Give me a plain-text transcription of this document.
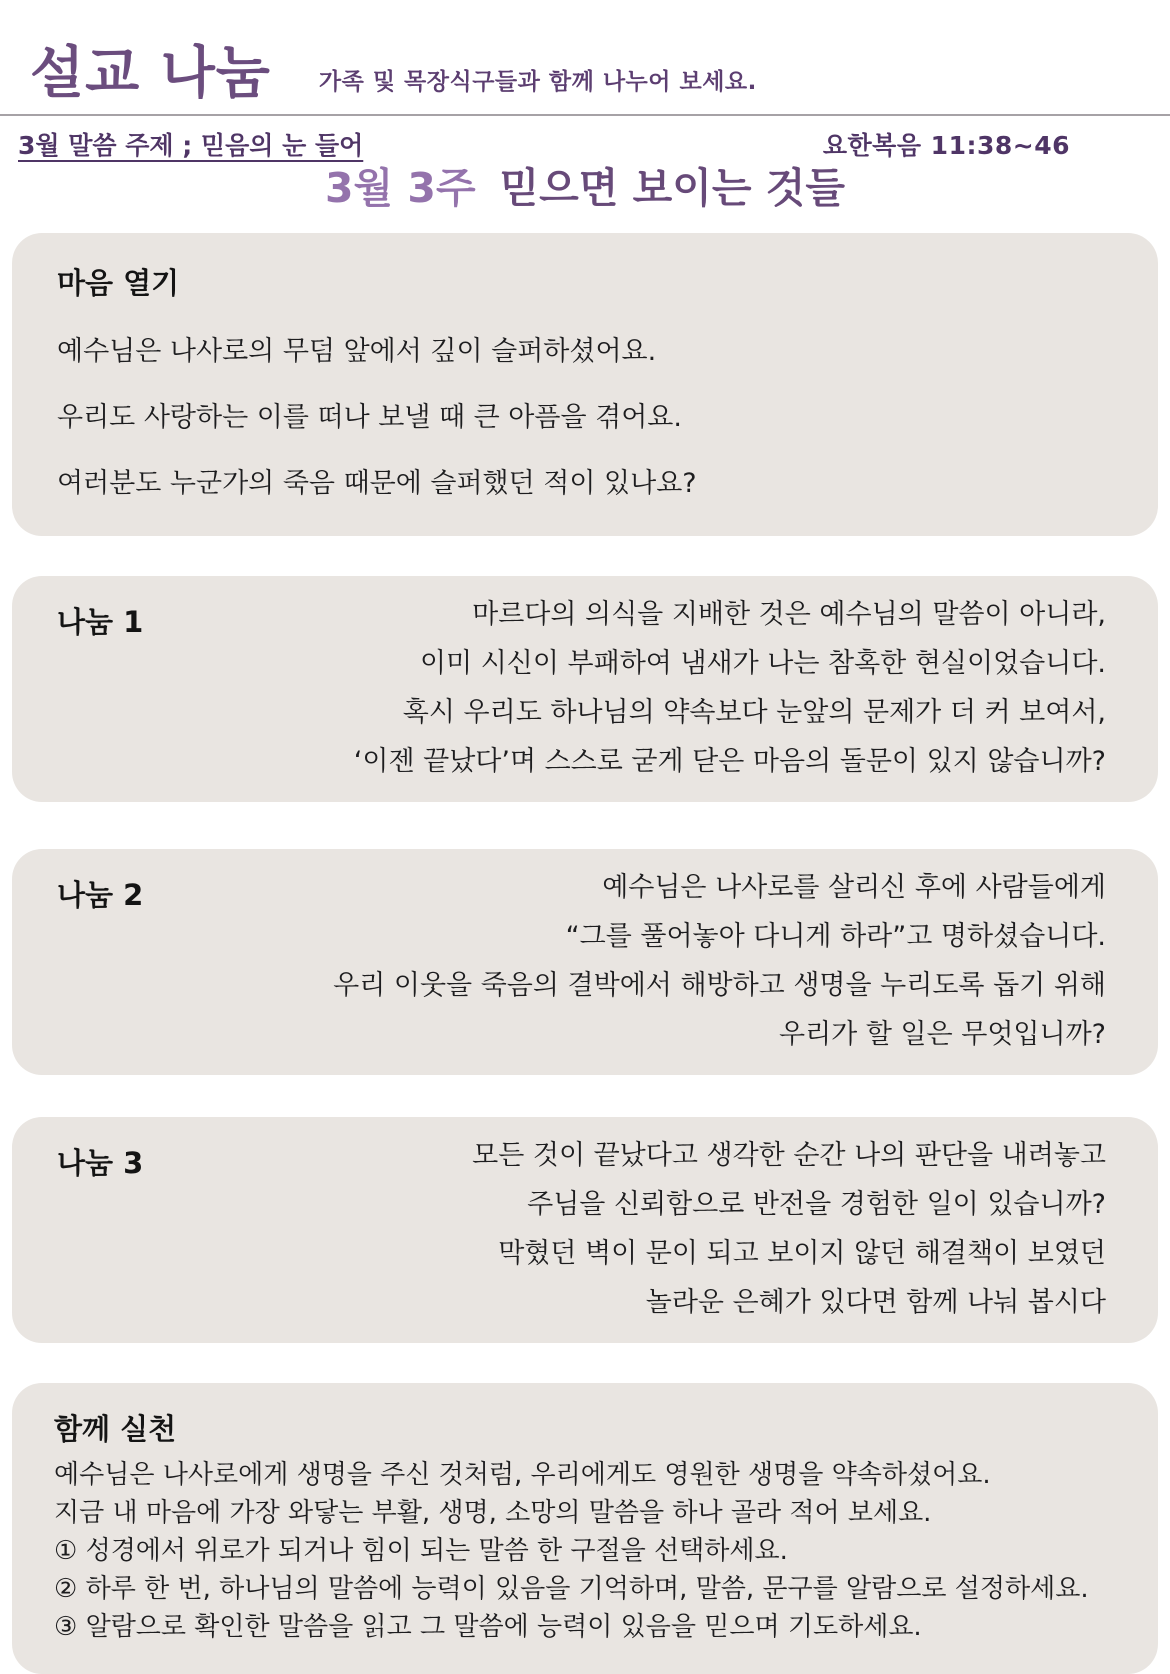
설교 나눔 가족 및 목장식구들과 함께 나누어 보세요.
3월 말씀 주제 ; 믿음의 눈 들어	요한복음 11:38~46
3월 3주 믿으면 보이는 것들
마음 열기
예수님은 나사로의 무덤 앞에서 깊이 슬퍼하셨어요.
우리도 사랑하는 이를 떠나 보낼 때 큰 아픔을 겪어요.
여러분도 누군가의 죽음 때문에 슬퍼했던 적이 있나요?
나눔 1	마르다의 의식을 지배한 것은 예수님의 말씀이 아니라,
이미 시신이 부패하여 냄새가 나는 참혹한 현실이었습니다.
혹시 우리도 하나님의 약속보다 눈앞의 문제가 더 커 보여서,
‘이젠 끝났다’며 스스로 굳게 닫은 마음의 돌문이 있지 않습니까?
나눔 2	예수님은 나사로를 살리신 후에 사람들에게
“그를 풀어놓아 다니게 하라”고 명하셨습니다.
우리 이웃을 죽음의 결박에서 해방하고 생명을 누리도록 돕기 위해
우리가 할 일은 무엇입니까?
나눔 3	모든 것이 끝났다고 생각한 순간 나의 판단을 내려놓고
주님을 신뢰함으로 반전을 경험한 일이 있습니까?
막혔던 벽이 문이 되고 보이지 않던 해결책이 보였던
놀라운 은혜가 있다면 함께 나눠 봅시다
함께 실천
예수님은 나사로에게 생명을 주신 것처럼, 우리에게도 영원한 생명을 약속하셨어요.
지금 내 마음에 가장 와닿는 부활, 생명, 소망의 말씀을 하나 골라 적어 보세요.
① 성경에서 위로가 되거나 힘이 되는 말씀 한 구절을 선택하세요.
② 하루 한 번, 하나님의 말씀에 능력이 있음을 기억하며, 말씀, 문구를 알람으로 설정하세요.
③ 알람으로 확인한 말씀을 읽고 그 말씀에 능력이 있음을 믿으며 기도하세요.
